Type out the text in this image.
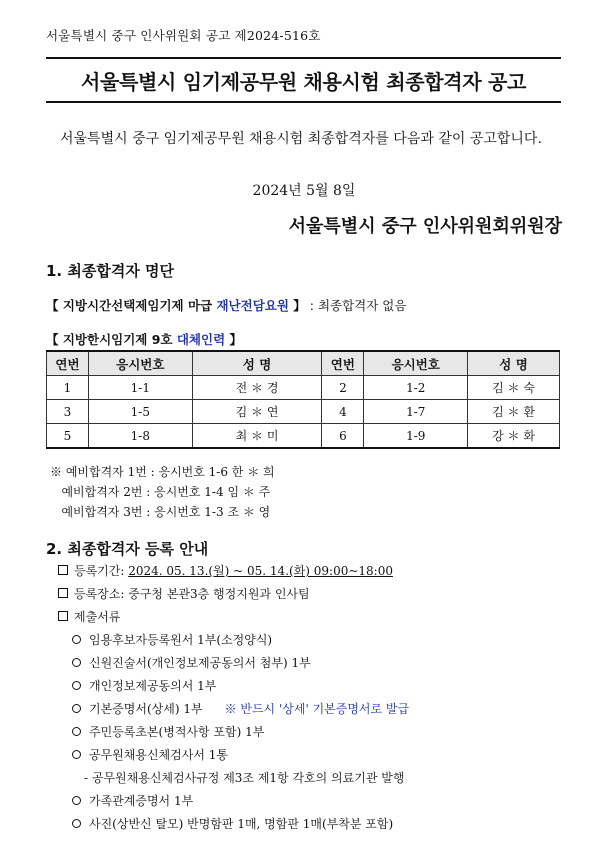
서울특별시 중구 인사위원회 공고 제2024-516호
서울특별시 임기제공무원 채용시험 최종합격자 공고
서울특별시 중구 임기제공무원 채용시험 최종합격자를 다음과 같이 공고합니다.
2024년 5월 8일
서울특별시 중구 인사위원회위원장
1. 최종합격자 명단
【 지방시간선택제임기제 마급 재난전담요원 】 : 최종합격자 없음
【 지방한시임기제 9호 대체인력 】
연번	응시번호	성 명	연번	응시번호	성 명
1	1-1	전 ＊ 경	2	1-2	김 ＊ 숙
3	1-5	김 ＊ 연	4	1-7	김 ＊ 환
5	1-8	최 ＊ 미	6	1-9	강 ＊ 화
※ 예비합격자 1번 : 응시번호 1-6 한 ＊ 희
예비합격자 2번 : 응시번호 1-4 임 ＊ 주
예비합격자 3번 : 응시번호 1-3 조 ＊ 영
2. 최종합격자 등록 안내
등록기간: 2024. 05. 13.(월) ~ 05. 14.(화) 09:00~18:00
등록장소: 중구청 본관3층 행정지원과 인사팀
제출서류
임용후보자등록원서 1부(소정양식)
신원진술서(개인정보제공동의서 첨부) 1부
개인정보제공동의서 1부
기본증명서(상세) 1부 ※ 반드시 '상세' 기본증명서로 발급
주민등록초본(병적사항 포함) 1부
공무원채용신체검사서 1통
- 공무원채용신체검사규정 제3조 제1항 각호의 의료기관 발행
가족관계증명서 1부
사진(상반신 탈모) 반명함판 1매, 명함판 1매(부착분 포함)
